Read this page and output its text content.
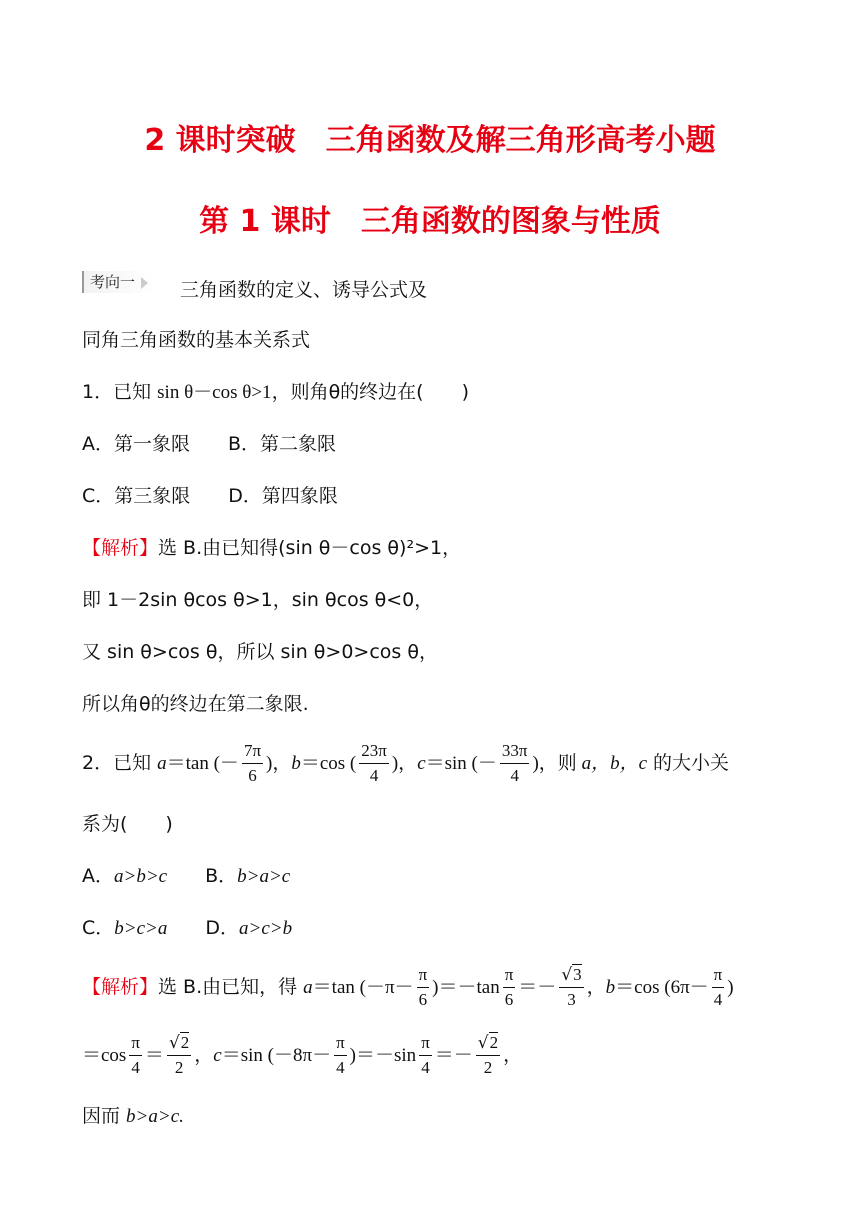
2 课时突破　三角函数及解三角形高考小题
第 1 课时　三角函数的图象与性质
考向一	三角函数的定义、诱导公式及
同角三角函数的基本关系式
1．已知 sin θ－cos θ>1，则角θ的终边在(　　)
A．第一象限 B．第二象限
C．第三象限 D．第四象限
【解析】选 B.由已知得(sin θ－cos θ)²>1，
即 1－2sin θcos θ>1，sin θcos θ<0，
又 sin θ>cos θ，所以 sin θ>0>cos θ，
所以角θ的终边在第二象限.
2．已知 a＝tan (－ $\frac{7\pi}{6}$ )，b＝cos ( $\frac{23\pi}{4}$ )，c＝sin (－ $\frac{33\pi}{4}$ )，则 a，b，c 的大小关
系为(　　)
A．a>b>c B．b>a>c
C．b>c>a D．a>c>b
【解析】选 B.由已知，得 a＝tan $(-\pi- \frac{\pi}{6} )=-\tan \frac{\pi}{6} =- \frac{√3}{3}$ ，b＝cos ($6\pi- \frac{\pi}{4}$ )
$=\cos \frac{\pi}{4} = \frac{√2}{2}$ ，c＝sin $(-8\pi- \frac{\pi}{4} )=-\sin \frac{\pi}{4} =- \frac{√2}{2}$ ，
因而 b>a>c.
